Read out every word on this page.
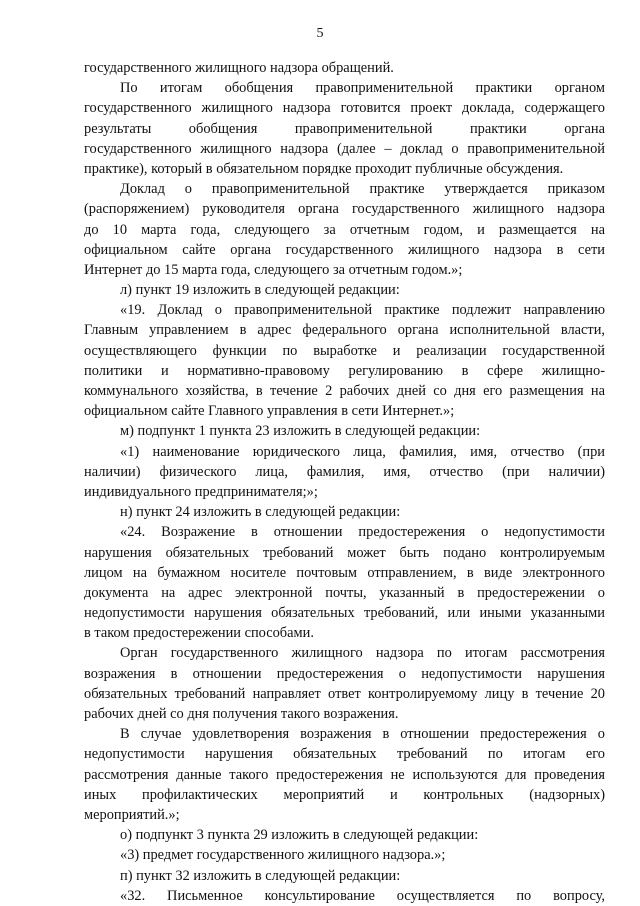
5
государственного жилищного надзора обращений.
По итогам обобщения правоприменительной практики органом
государственного жилищного надзора готовится проект доклада, содержащего
результаты обобщения правоприменительной практики органа
государственного жилищного надзора (далее – доклад о правоприменительной
практике), который в обязательном порядке проходит публичные обсуждения.
Доклад о правоприменительной практике утверждается приказом
(распоряжением) руководителя органа государственного жилищного надзора
до 10 марта года, следующего за отчетным годом, и размещается на
официальном сайте органа государственного жилищного надзора в сети
Интернет до 15 марта года, следующего за отчетным годом.»;
л) пункт 19 изложить в следующей редакции:
«19. Доклад о правоприменительной практике подлежит направлению
Главным управлением в адрес федерального органа исполнительной власти,
осуществляющего функции по выработке и реализации государственной
политики и нормативно-правовому регулированию в сфере жилищно-
коммунального хозяйства, в течение 2 рабочих дней со дня его размещения на
официальном сайте Главного управления в сети Интернет.»;
м) подпункт 1 пункта 23 изложить в следующей редакции:
«1) наименование юридического лица, фамилия, имя, отчество (при
наличии) физического лица, фамилия, имя, отчество (при наличии)
индивидуального предпринимателя;»;
н) пункт 24 изложить в следующей редакции:
«24. Возражение в отношении предостережения о недопустимости
нарушения обязательных требований может быть подано контролируемым
лицом на бумажном носителе почтовым отправлением, в виде электронного
документа на адрес электронной почты, указанный в предостережении о
недопустимости нарушения обязательных требований, или иными указанными
в таком предостережении способами.
Орган государственного жилищного надзора по итогам рассмотрения
возражения в отношении предостережения о недопустимости нарушения
обязательных требований направляет ответ контролируемому лицу в течение 20
рабочих дней со дня получения такого возражения.
В случае удовлетворения возражения в отношении предостережения о
недопустимости нарушения обязательных требований по итогам его
рассмотрения данные такого предостережения не используются для проведения
иных профилактических мероприятий и контрольных (надзорных)
мероприятий.»;
о) подпункт 3 пункта 29 изложить в следующей редакции:
«3) предмет государственного жилищного надзора.»;
п) пункт 32 изложить в следующей редакции:
«32. Письменное консультирование осуществляется по вопросу,
